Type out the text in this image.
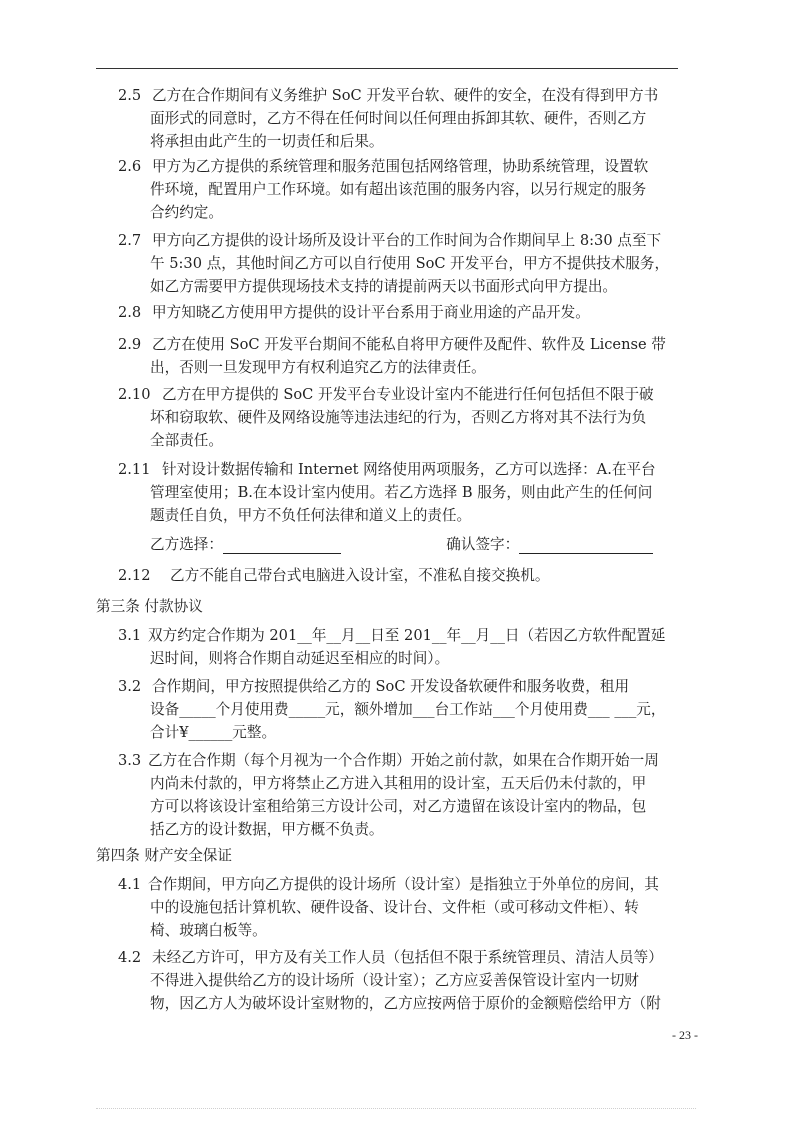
2.5 乙方在合作期间有义务维护 SoC 开发平台软、硬件的安全，在没有得到甲方书
面形式的同意时，乙方不得在任何时间以任何理由拆卸其软、硬件，否则乙方
将承担由此产生的一切责任和后果。
2.6 甲方为乙方提供的系统管理和服务范围包括网络管理，协助系统管理，设置软
件环境，配置用户工作环境。如有超出该范围的服务内容，以另行规定的服务
合约约定。
2.7 甲方向乙方提供的设计场所及设计平台的工作时间为合作期间早上 8:30 点至下
午 5:30 点，其他时间乙方可以自行使用 SoC 开发平台，甲方不提供技术服务，
如乙方需要甲方提供现场技术支持的请提前两天以书面形式向甲方提出。
2.8 甲方知晓乙方使用甲方提供的设计平台系用于商业用途的产品开发。
2.9 乙方在使用 SoC 开发平台期间不能私自将甲方硬件及配件、软件及 License 带
出，否则一旦发现甲方有权利追究乙方的法律责任。
2.10 乙方在甲方提供的 SoC 开发平台专业设计室内不能进行任何包括但不限于破
坏和窃取软、硬件及网络设施等违法违纪的行为，否则乙方将对其不法行为负
全部责任。
2.11 针对设计数据传输和 Internet 网络使用两项服务，乙方可以选择：A.在平台
管理室使用；B.在本设计室内使用。若乙方选择 B 服务，则由此产生的任何问
题责任自负，甲方不负任何法律和道义上的责任。
乙方选择：	确认签字：
2.12 乙方不能自己带台式电脑进入设计室，不准私自接交换机。
第三条 付款协议
3.1 双方约定合作期为 201__年__月__日至 201__年__月__日（若因乙方软件配置延
迟时间，则将合作期自动延迟至相应的时间）。
3.2 合作期间，甲方按照提供给乙方的 SoC 开发设备软硬件和服务收费，租用
设备_____个月使用费_____元，额外增加___台工作站___个月使用费___ ___元，
合计¥______元整。
3.3 乙方在合作期（每个月视为一个合作期）开始之前付款，如果在合作期开始一周
内尚未付款的，甲方将禁止乙方进入其租用的设计室，五天后仍未付款的，甲
方可以将该设计室租给第三方设计公司，对乙方遗留在该设计室内的物品，包
括乙方的设计数据，甲方概不负责。
第四条 财产安全保证
4.1 合作期间，甲方向乙方提供的设计场所（设计室）是指独立于外单位的房间，其
中的设施包括计算机软、硬件设备、设计台、文件柜（或可移动文件柜）、转
椅、玻璃白板等。
4.2 未经乙方许可，甲方及有关工作人员（包括但不限于系统管理员、清洁人员等）
不得进入提供给乙方的设计场所（设计室）；乙方应妥善保管设计室内一切财
物，因乙方人为破坏设计室财物的，乙方应按两倍于原价的金额赔偿给甲方（附
- 23 -
